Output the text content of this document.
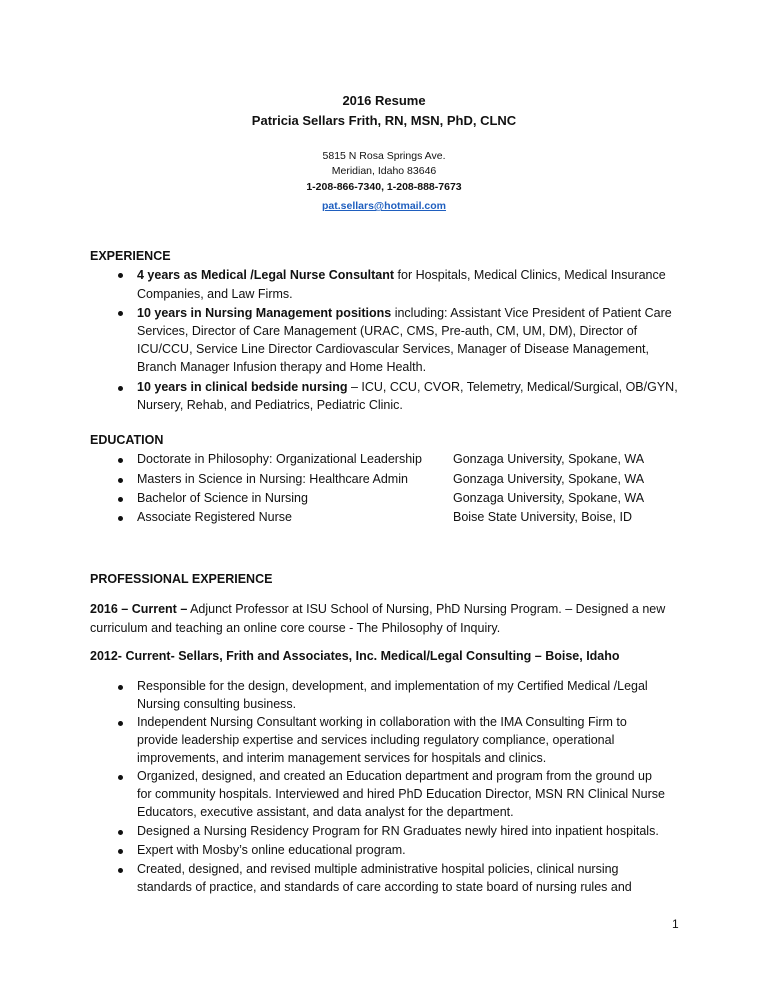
2016 Resume
Patricia Sellars Frith, RN, MSN, PhD, CLNC
5815 N Rosa Springs Ave.
Meridian, Idaho 83646
1-208-866-7340, 1-208-888-7673
pat.sellars@hotmail.com
EXPERIENCE
4 years as Medical /Legal Nurse Consultant for Hospitals, Medical Clinics, Medical Insurance
Companies, and Law Firms.
10 years in Nursing Management positions including: Assistant Vice President of Patient Care
Services, Director of Care Management (URAC, CMS, Pre-auth, CM, UM, DM), Director of
ICU/CCU, Service Line Director Cardiovascular Services, Manager of Disease Management,
Branch Manager Infusion therapy and Home Health.
10 years in clinical bedside nursing – ICU, CCU, CVOR, Telemetry, Medical/Surgical, OB/GYN,
Nursery, Rehab, and Pediatrics, Pediatric Clinic.
EDUCATION
Doctorate in Philosophy: Organizational Leadership Gonzaga University, Spokane, WA
Masters in Science in Nursing: Healthcare Admin	Gonzaga University, Spokane, WA
Bachelor of Science in Nursing	Gonzaga University, Spokane, WA
Associate Registered Nurse	Boise State University, Boise, ID
PROFESSIONAL EXPERIENCE
2016 – Current – Adjunct Professor at ISU School of Nursing, PhD Nursing Program. – Designed a new
curriculum and teaching an online core course - The Philosophy of Inquiry.
2012- Current- Sellars, Frith and Associates, Inc. Medical/Legal Consulting – Boise, Idaho
Responsible for the design, development, and implementation of my Certified Medical /Legal
Nursing consulting business.
Independent Nursing Consultant working in collaboration with the IMA Consulting Firm to
provide leadership expertise and services including regulatory compliance, operational
improvements, and interim management services for hospitals and clinics.
Organized, designed, and created an Education department and program from the ground up
for community hospitals. Interviewed and hired PhD Education Director, MSN RN Clinical Nurse
Educators, executive assistant, and data analyst for the department.
Designed a Nursing Residency Program for RN Graduates newly hired into inpatient hospitals.
Expert with Mosby’s online educational program.
Created, designed, and revised multiple administrative hospital policies, clinical nursing
standards of practice, and standards of care according to state board of nursing rules and
1
